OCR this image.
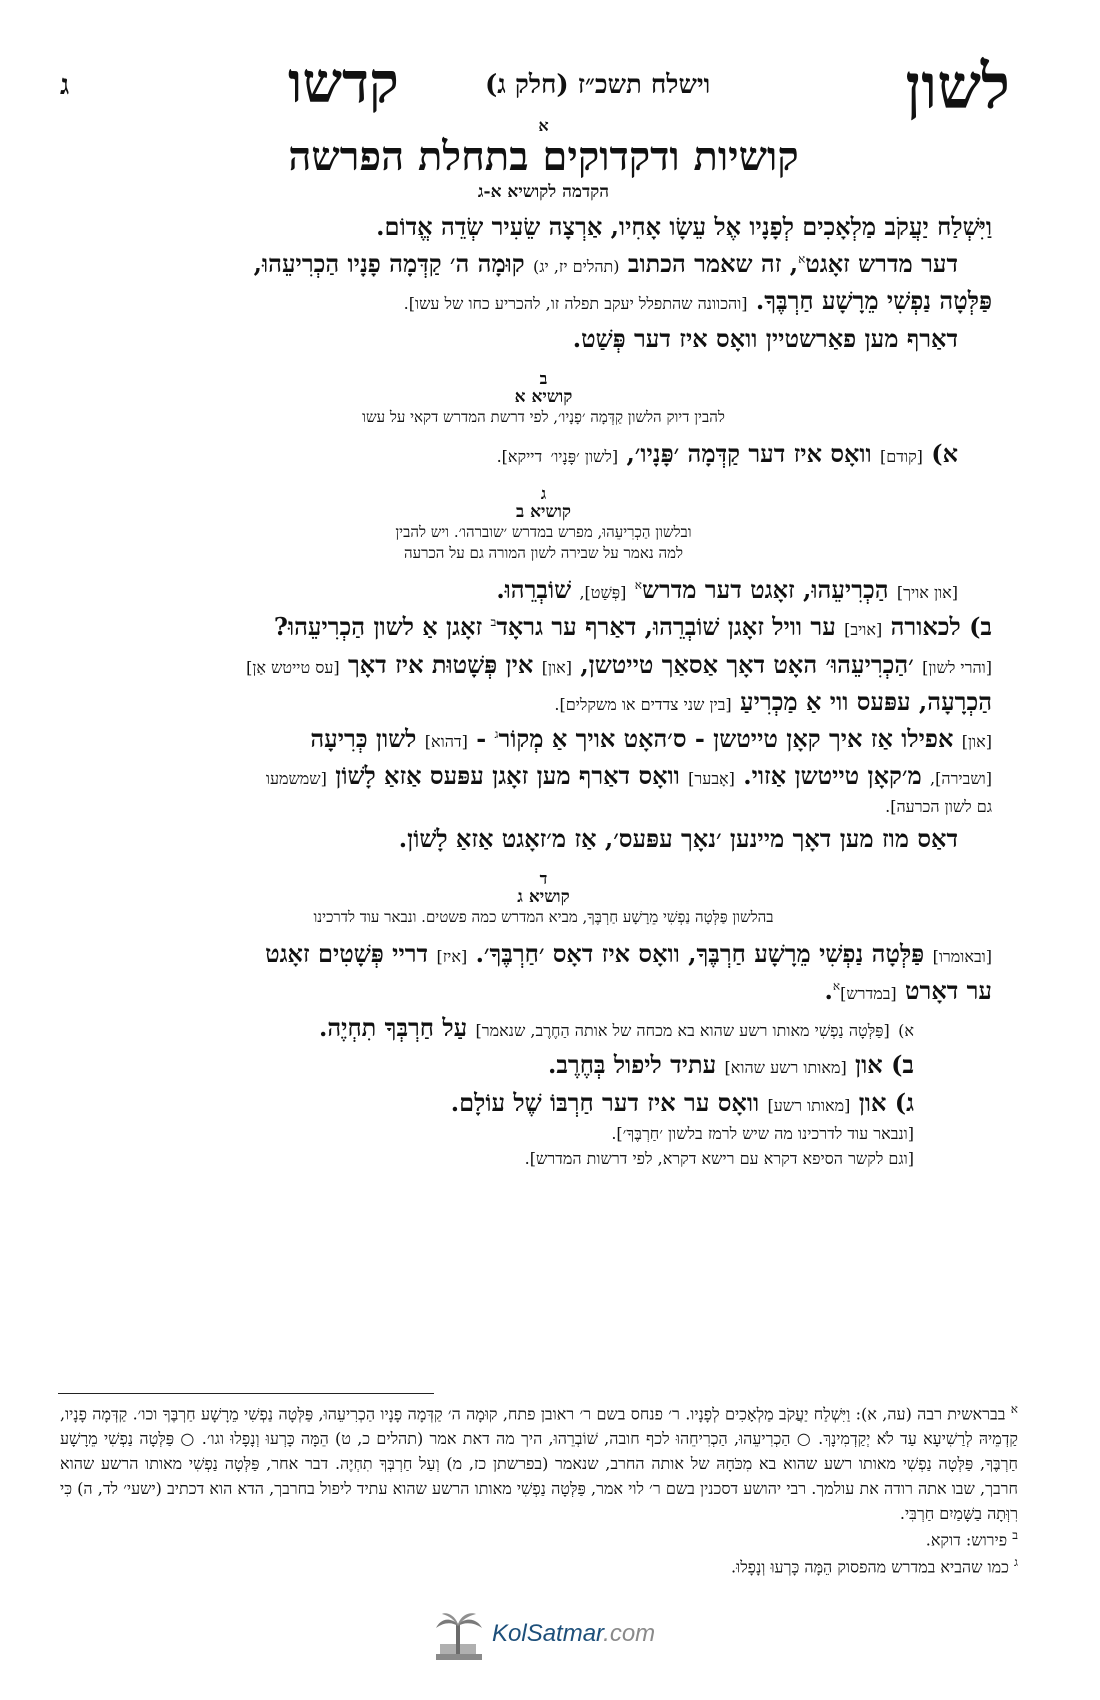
ג	קדשו	וישלח תשכ״ז (חלק ג)	לשון

א

קושיות ודקדוקים בתחלת הפרשה

הקדמה לקושיא א-ג

וַיִּשְׁלַח יַעֲקֹב מַלְאָכִים לְפָנָיו אֶל עֵשָׂו אָחִיו, אַרְצָה שֵׂעִיר שְׂדֵה אֱדוֹם.

דער מדרש זאָגט$^א$, זה שאמר הכתוב (תהלים יז, יג) קוּמָה ה׳ קַדְּמָה פָנָיו הַכְרִיעֵהוּ,

פַּלְּטָה נַפְשִׁי מֵרָשָׁע חַרְבֶּךָ. [והכוונה שהתפלל יעקב תפלה זו, להכריע כחו של עשו].

דאַרף מען פאַרשטיין וואָס איז דער פְּשַׁט.

ב

קושיא א

להבין דיוק הלשון קַדְּמָה ׳פָנָיו׳, לפי דרשת המדרש דקאי על עשו

א) [קודם] וואָס איז דער קַדְּמָה ׳פָּנָיו׳, [לשון ׳פָּנָיו׳ דייקא].

ג

קושיא ב

ובלשון הַכְרִיעֵהוּ, מפרש במדרש ׳שוברהו׳. ויש להבין

למה נאמר על שבירה לשון המורה גם על הכרעה

[און אויך] הַכְרִיעֵהוּ, זאָגט דער מדרש$^א$ [פְּשַׁט], שׁוֹבְרֵהוּ.

ב) לכאורה [אויב] ער וויל זאָגן שׁוֹבְרֵהוּ, דאַרף ער גראָד$^ב$ זאָגן אַ לשון הַכְרִיעֵהוּ?

[והרי לשון] ׳הַכְרִיעֵהוּ׳ האָט דאָך אַסאַך טייטשן, [און] אין פְּשָׁטוּת איז דאָך [עס טייטש אַן]

הַכְרָעָה, עפּעס ווי אַ מַכְרִיעַ [בין שני צדדים או משקלים].

[און] אפילו אַז איך קאָן טייטשן - ס׳האָט אויך אַ מְקוֹר$^ג$ - [דהוא] לשון כְּרִיעָה

[ושבירה], מ׳קאָן טייטשן אַזוי. [אָבער] וואָס דאַרף מען זאָגן עפּעס אַזאַ לָשׁוֹן [שמשמעו

גם לשון הכרעה].

דאַס מוז מען דאָך מיינען ׳נאָך עפּעס׳, אַז מ׳זאָגט אַזאַ לָשׁוֹן.

ד

קושיא ג

בהלשון פַּלְּטָה נַפְשִׁי מֵרָשָׁע חַרְבֶּךָ, מביא המדרש כמה פשטים. ונבאר עוד לדרכינו

[ובאומרו] פַּלְּטָה נַפְשִׁי מֵרָשָׁע חַרְבֶּךָ, וואָס איז דאָס ׳חַרְבֶּךָ׳. [איז] דריי פְּשָׁטִים זאָגט

ער דאָרט [במדרש]$^א$.

א) [פַּלְּטָה נַפְשִׁי מאותו רשע שהוא בא מכחה של אותה הַחֶרֶב, שנאמר] עַל חַרְבְּךָ תִחְיֶה.

ב) און [מאותו רשע שהוא] עתיד ליפול בְּחֶרֶב.

ג) און [מאותו רשע] וואָס ער איז דער חַרְבּוֹ שֶׁל עוֹלָם.

[ונבאר עוד לדרכינו מה שיש לרמז בלשון ׳חַרְבֶּךָ׳].

[וגם לקשר הסיפא דקרא עם רישא דקרא, לפי דרשות המדרש].

$^א$ בבראשית רבה (עה, א): וַיִּשְׁלַח יַעֲקֹב מַלְאָכִים לְפָנָיו. ר׳ פנחס בשם ר׳ ראובן פתח, קוּמָה ה׳ קַדְּמָה פָנָיו הַכְרִיעֵהוּ, פַּלְּטָה נַפְשִׁי מֵרָשָׁע חַרְבֶּךָ וכו׳. קַדְּמָה פָנָיו, קַדְמֵיהּ לְרַשִׁיעָא עַד לֹא יְקַדְמִינָךְ. ○ הַכְרִיעֵהוּ, הַכְרִיחֵהוּ לכף חובה, שׁוֹבְרֵהוּ, היך מה דאת אמר (תהלים כ, ט) הֵמָּה כָּרְעוּ וְנָפָלוּ וגו׳. ○ פַּלְּטָה נַפְשִׁי מֵרָשָׁע חַרְבֶּךָ, פַּלְּטָה נַפְשִׁי מאותו רשע שהוא בא מִכֹּחָהּ של אותה החרב, שנאמר (בפרשתן כז, מ) וְעַל חַרְבְּךָ תִחְיֶה. דבר אחר, פַּלְּטָה נַפְשִׁי מאותו הרשע שהוא חרבך, שבו אתה רודה את עולמך. רבי יהושע דסכנין בשם ר׳ לוי אמר, פַּלְּטָה נַפְשִׁי מאותו הרשע שהוא עתיד ליפול בחרבך, הדא הוא דכתיב (ישעי׳ לד, ה) כִּי רִוְּתָה בַשָּׁמַיִם חַרְבִּי.

$^ב$ פירוש: דוקא.

$^ג$ כמו שהביא במדרש מהפסוק הֵמָּה כָּרְעוּ וְנָפָלוּ.

KolSatmar.com
